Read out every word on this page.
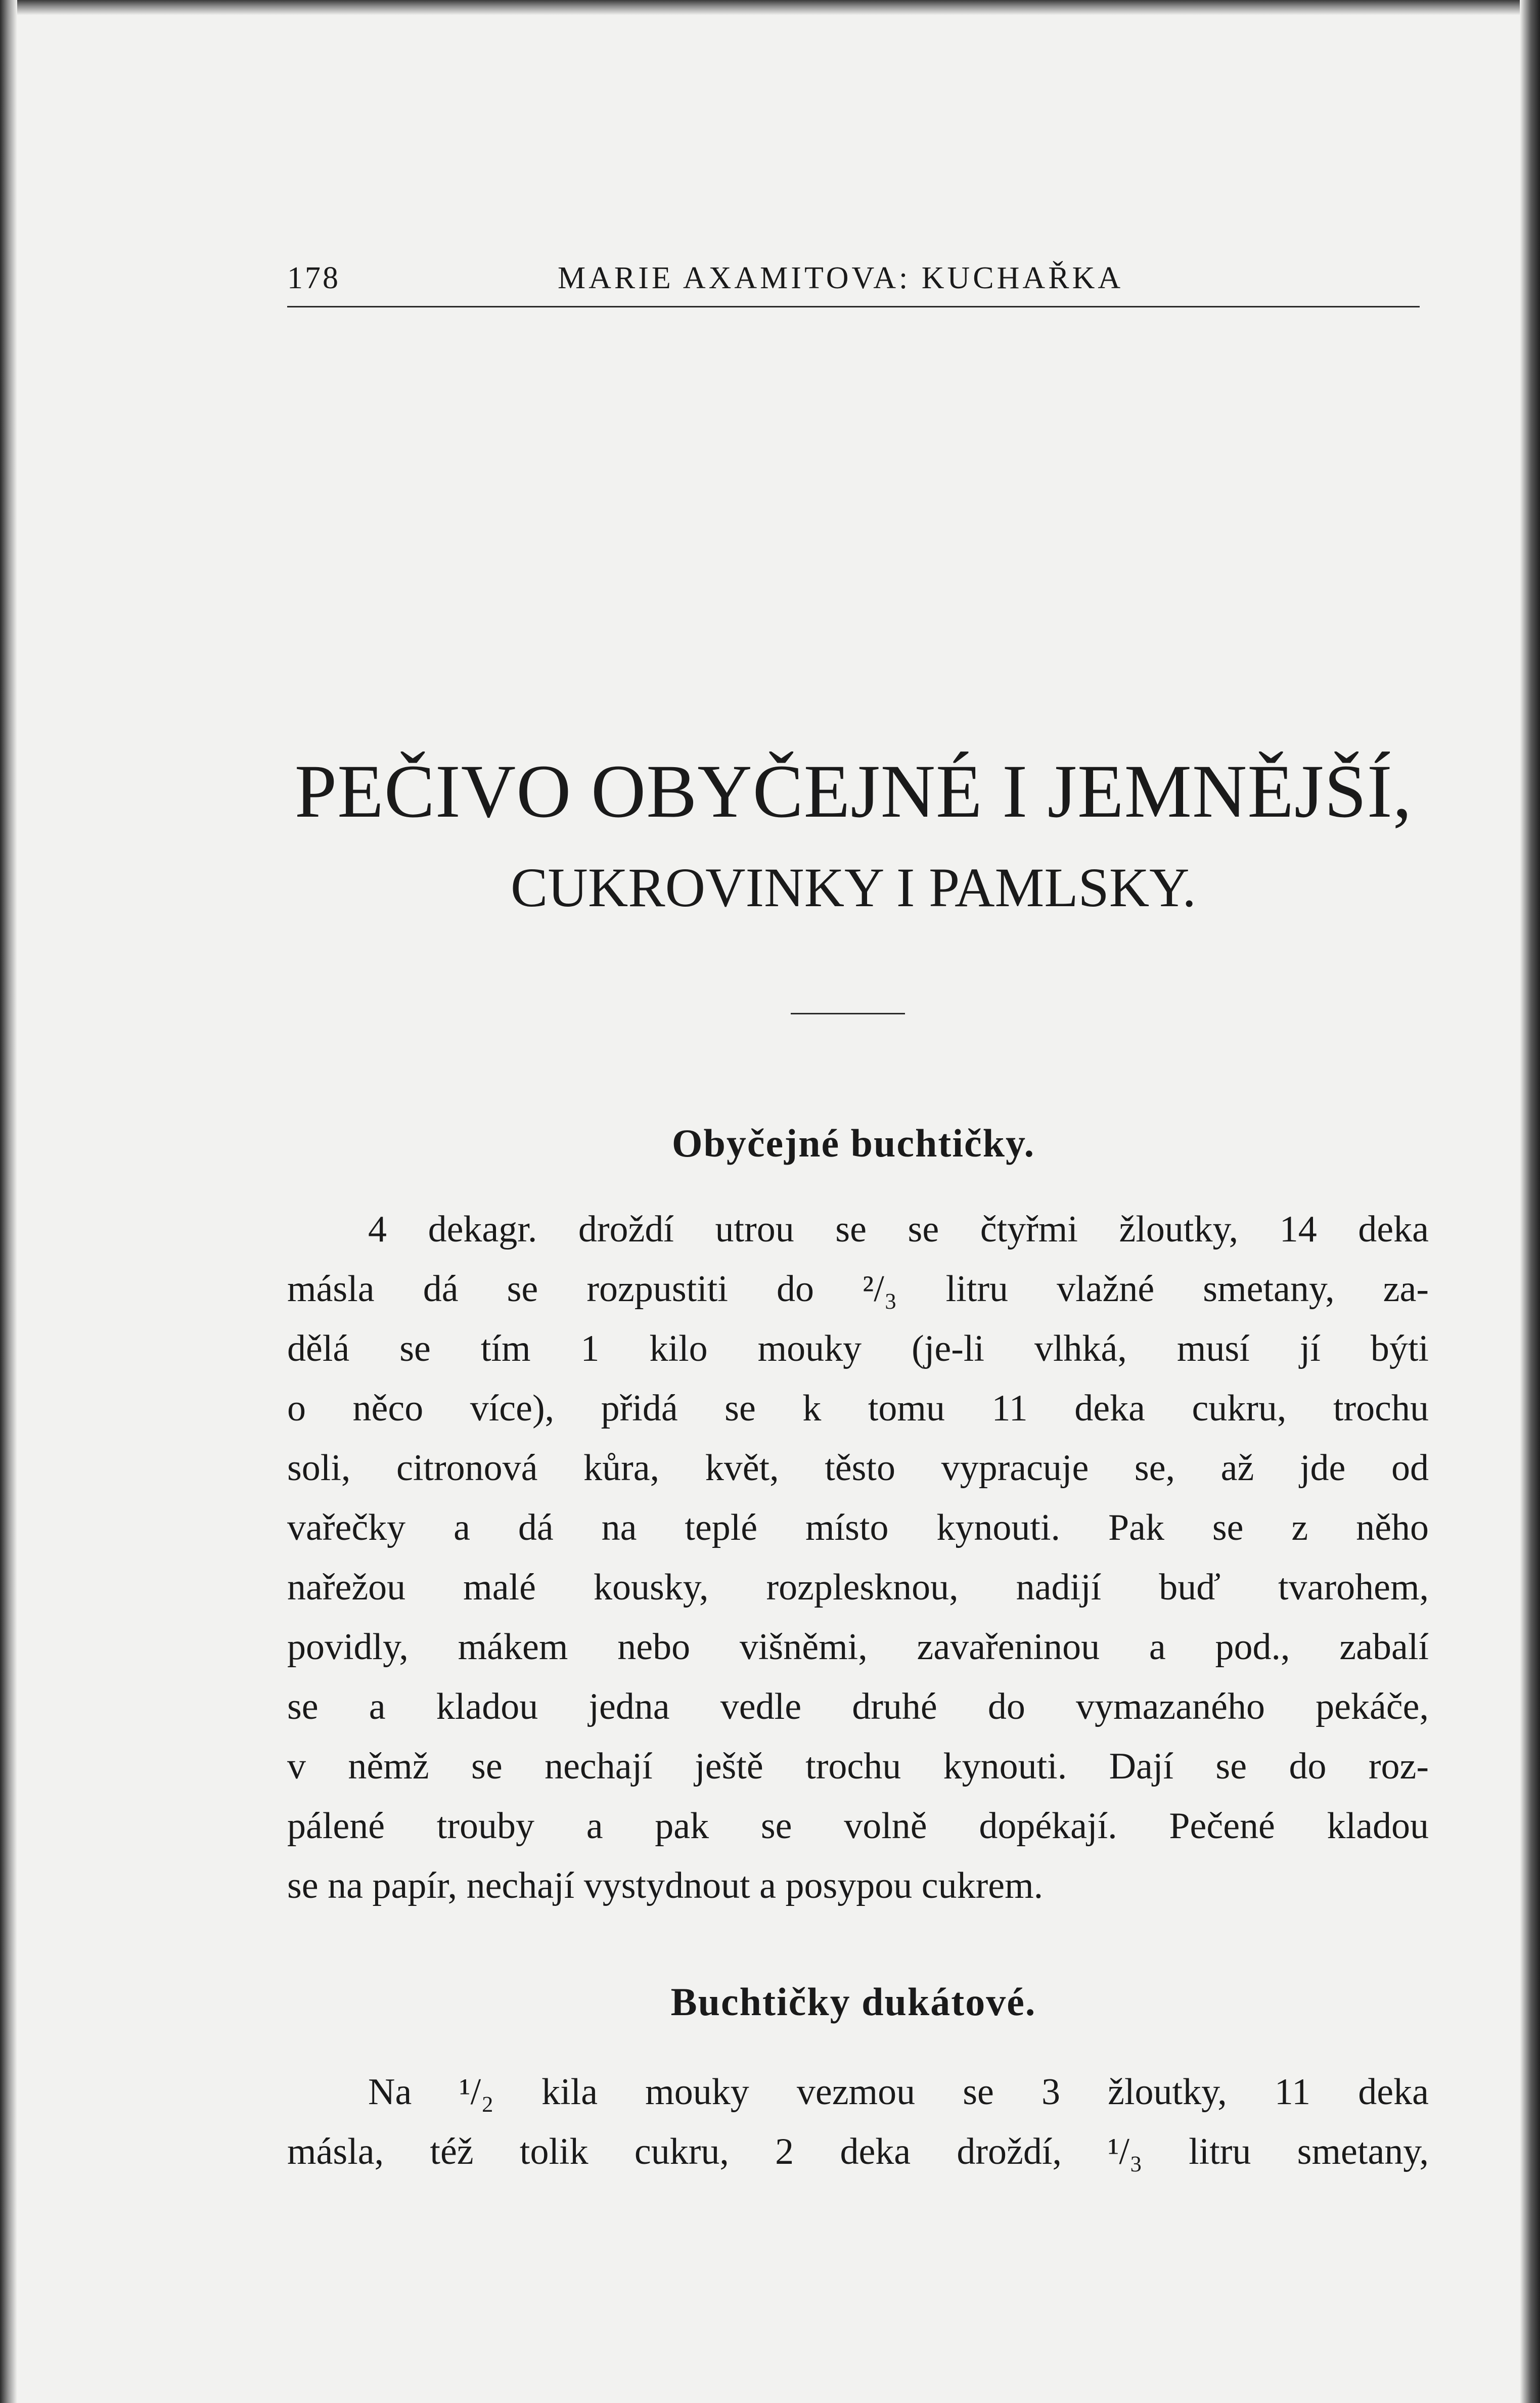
178	MARIE AXAMITOVA: KUCHAŘKA
PEČIVO OBYČEJNÉ I JEMNĚJŠÍ,
CUKROVINKY I PAMLSKY.
Obyčejné buchtičky.
4 dekagr. droždí utrou se se čtyřmi žloutky, 14 deka
másla dá se rozpustiti do ²/₃ litru vlažné smetany, za-
dělá se tím 1 kilo mouky (je-li vlhká, musí jí býti
o něco více), přidá se k tomu 11 deka cukru, trochu
soli, citronová kůra, květ, těsto vypracuje se, až jde od
vařečky a dá na teplé místo kynouti. Pak se z něho
nařežou malé kousky, rozplesknou, nadijí buď tvarohem,
povidly, mákem nebo višněmi, zavařeninou a pod., zabalí
se a kladou jedna vedle druhé do vymazaného pekáče,
v němž se nechají ještě trochu kynouti. Dají se do roz-
pálené trouby a pak se volně dopékají. Pečené kladou
se na papír, nechají vystydnout a posypou cukrem.
Buchtičky dukátové.
Na ¹/₂ kila mouky vezmou se 3 žloutky, 11 deka
másla, též tolik cukru, 2 deka droždí, ¹/₃ litru smetany,
